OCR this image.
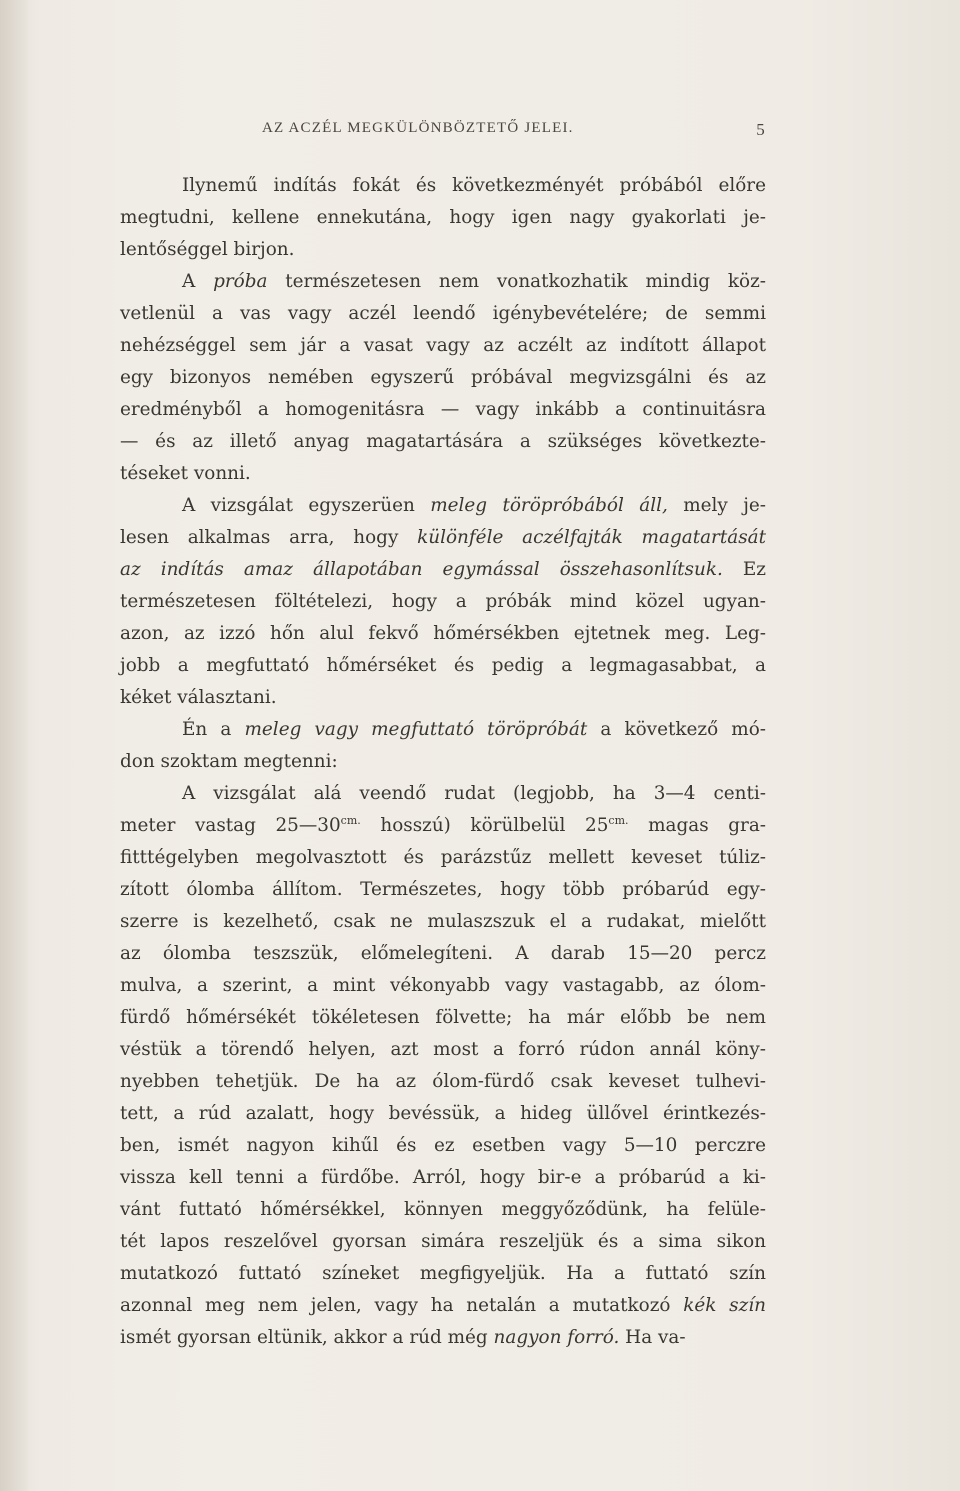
AZ ACZÉL MEGKÜLÖNBÖZTETŐ JELEI.	5
Ilynemű indítás fokát és következményét próbából előre
megtudni, kellene ennekutána, hogy igen nagy gyakorlati je-
lentőséggel birjon.
A próba természetesen nem vonatkozhatik mindig köz-
vetlenül a vas vagy aczél leendő igénybevételére; de semmi
nehézséggel sem jár a vasat vagy az aczélt az indított állapot
egy bizonyos nemében egyszerű próbával megvizsgálni és az
eredményből a homogenitásra — vagy inkább a continuitásra
— és az illető anyag magatartására a szükséges következte-
téseket vonni.
A vizsgálat egyszerüen meleg töröpróbából áll, mely je-
lesen alkalmas arra, hogy különféle aczélfajták magatartását
az indítás amaz állapotában egymással összehasonlítsuk. Ez
természetesen föltételezi, hogy a próbák mind közel ugyan-
azon, az izzó hőn alul fekvő hőmérsékben ejtetnek meg. Leg-
jobb a megfuttató hőmérséket és pedig a legmagasabbat, a
kéket választani.
Én a meleg vagy megfuttató töröpróbát a következő mó-
don szoktam megtenni:
A vizsgálat alá veendő rudat (legjobb, ha 3—4 centi-
meter vastag $25—30^{cm.}$ hosszú) körülbelül $25^{cm.}$ magas gra-
fitttégelyben megolvasztott és parázstűz mellett keveset túliz-
zított ólomba állítom. Természetes, hogy több próbarúd egy-
szerre is kezelhető, csak ne mulaszszuk el a rudakat, mielőtt
az ólomba teszszük, előmelegíteni. A darab 15—20 percz
mulva, a szerint, a mint vékonyabb vagy vastagabb, az ólom-
fürdő hőmérsékét tökéletesen fölvette; ha már előbb be nem
véstük a törendő helyen, azt most a forró rúdon annál köny-
nyebben tehetjük. De ha az ólom-fürdő csak keveset tulhevi-
tett, a rúd azalatt, hogy bevéssük, a hideg üllővel érintkezés-
ben, ismét nagyon kihűl és ez esetben vagy 5—10 perczre
vissza kell tenni a fürdőbe. Arról, hogy bir-e a próbarúd a ki-
vánt futtató hőmérsékkel, könnyen meggyőződünk, ha felüle-
tét lapos reszelővel gyorsan simára reszeljük és a sima sikon
mutatkozó futtató színeket megfigyeljük. Ha a futtató szín
azonnal meg nem jelen, vagy ha netalán a mutatkozó kék szín
ismét gyorsan eltünik, akkor a rúd még nagyon forró. Ha va-
